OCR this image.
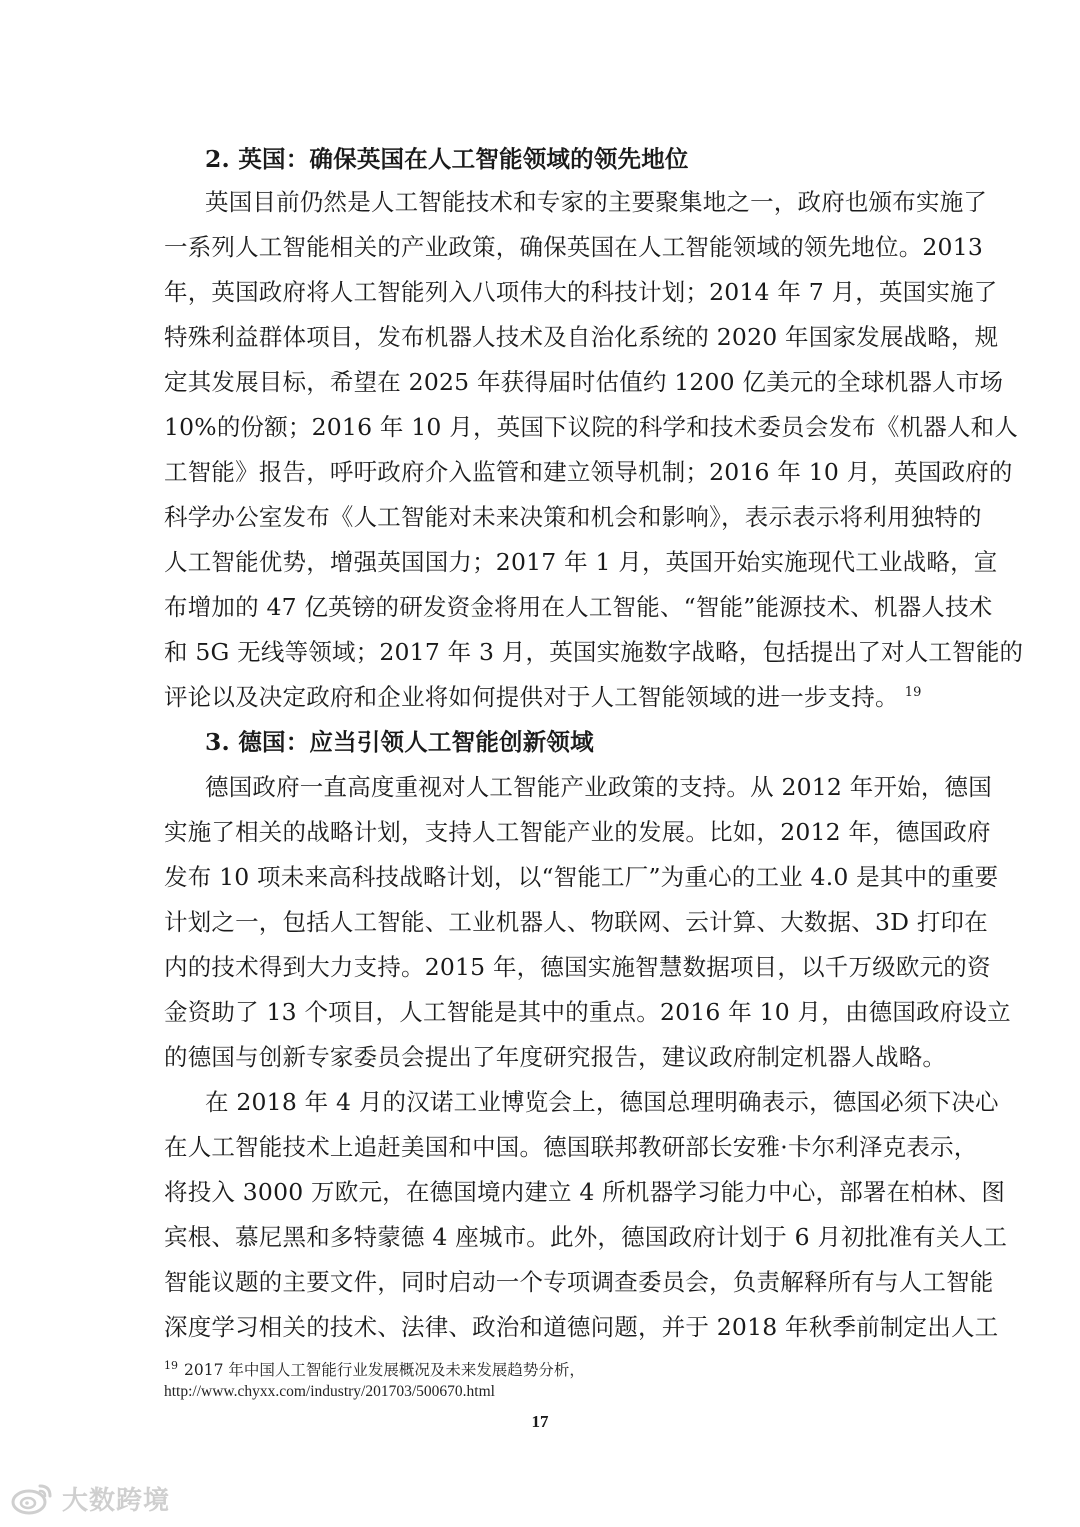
2. 英国：确保英国在人工智能领域的领先地位
英国目前仍然是人工智能技术和专家的主要聚集地之一，政府也颁布实施了
一系列人工智能相关的产业政策，确保英国在人工智能领域的领先地位。2013
年，英国政府将人工智能列入八项伟大的科技计划；2014 年 7 月，英国实施了
特殊利益群体项目，发布机器人技术及自治化系统的 2020 年国家发展战略，规
定其发展目标，希望在 2025 年获得届时估值约 1200 亿美元的全球机器人市场
10%的份额；2016 年 10 月，英国下议院的科学和技术委员会发布《机器人和人
工智能》报告，呼吁政府介入监管和建立领导机制；2016 年 10 月，英国政府的
科学办公室发布《人工智能对未来决策和机会和影响》，表示表示将利用独特的
人工智能优势，增强英国国力；2017 年 1 月，英国开始实施现代工业战略，宣
布增加的 47 亿英镑的研发资金将用在人工智能、“智能”能源技术、机器人技术
和 5G 无线等领域；2017 年 3 月，英国实施数字战略，包括提出了对人工智能的
评论以及决定政府和企业将如何提供对于人工智能领域的进一步支持。 $^{19}$
3. 德国：应当引领人工智能创新领域
德国政府一直高度重视对人工智能产业政策的支持。从 2012 年开始，德国
实施了相关的战略计划，支持人工智能产业的发展。比如，2012 年，德国政府
发布 10 项未来高科技战略计划，以“智能工厂”为重心的工业 4.0 是其中的重要
计划之一，包括人工智能、工业机器人、物联网、云计算、大数据、3D 打印在
内的技术得到大力支持。2015 年，德国实施智慧数据项目，以千万级欧元的资
金资助了 13 个项目，人工智能是其中的重点。2016 年 10 月，由德国政府设立
的德国与创新专家委员会提出了年度研究报告，建议政府制定机器人战略。
在 2018 年 4 月的汉诺工业博览会上，德国总理明确表示，德国必须下决心
在人工智能技术上追赶美国和中国。德国联邦教研部长安雅·卡尔利泽克表示，
将投入 3000 万欧元，在德国境内建立 4 所机器学习能力中心，部署在柏林、图
宾根、慕尼黑和多特蒙德 4 座城市。此外，德国政府计划于 6 月初批准有关人工
智能议题的主要文件，同时启动一个专项调查委员会，负责解释所有与人工智能
深度学习相关的技术、法律、政治和道德问题，并于 2018 年秋季前制定出人工
$^{19}$ 2017 年中国人工智能行业发展概况及未来发展趋势分析，
http://www.chyxx.com/industry/201703/500670.html
17
大数跨境
